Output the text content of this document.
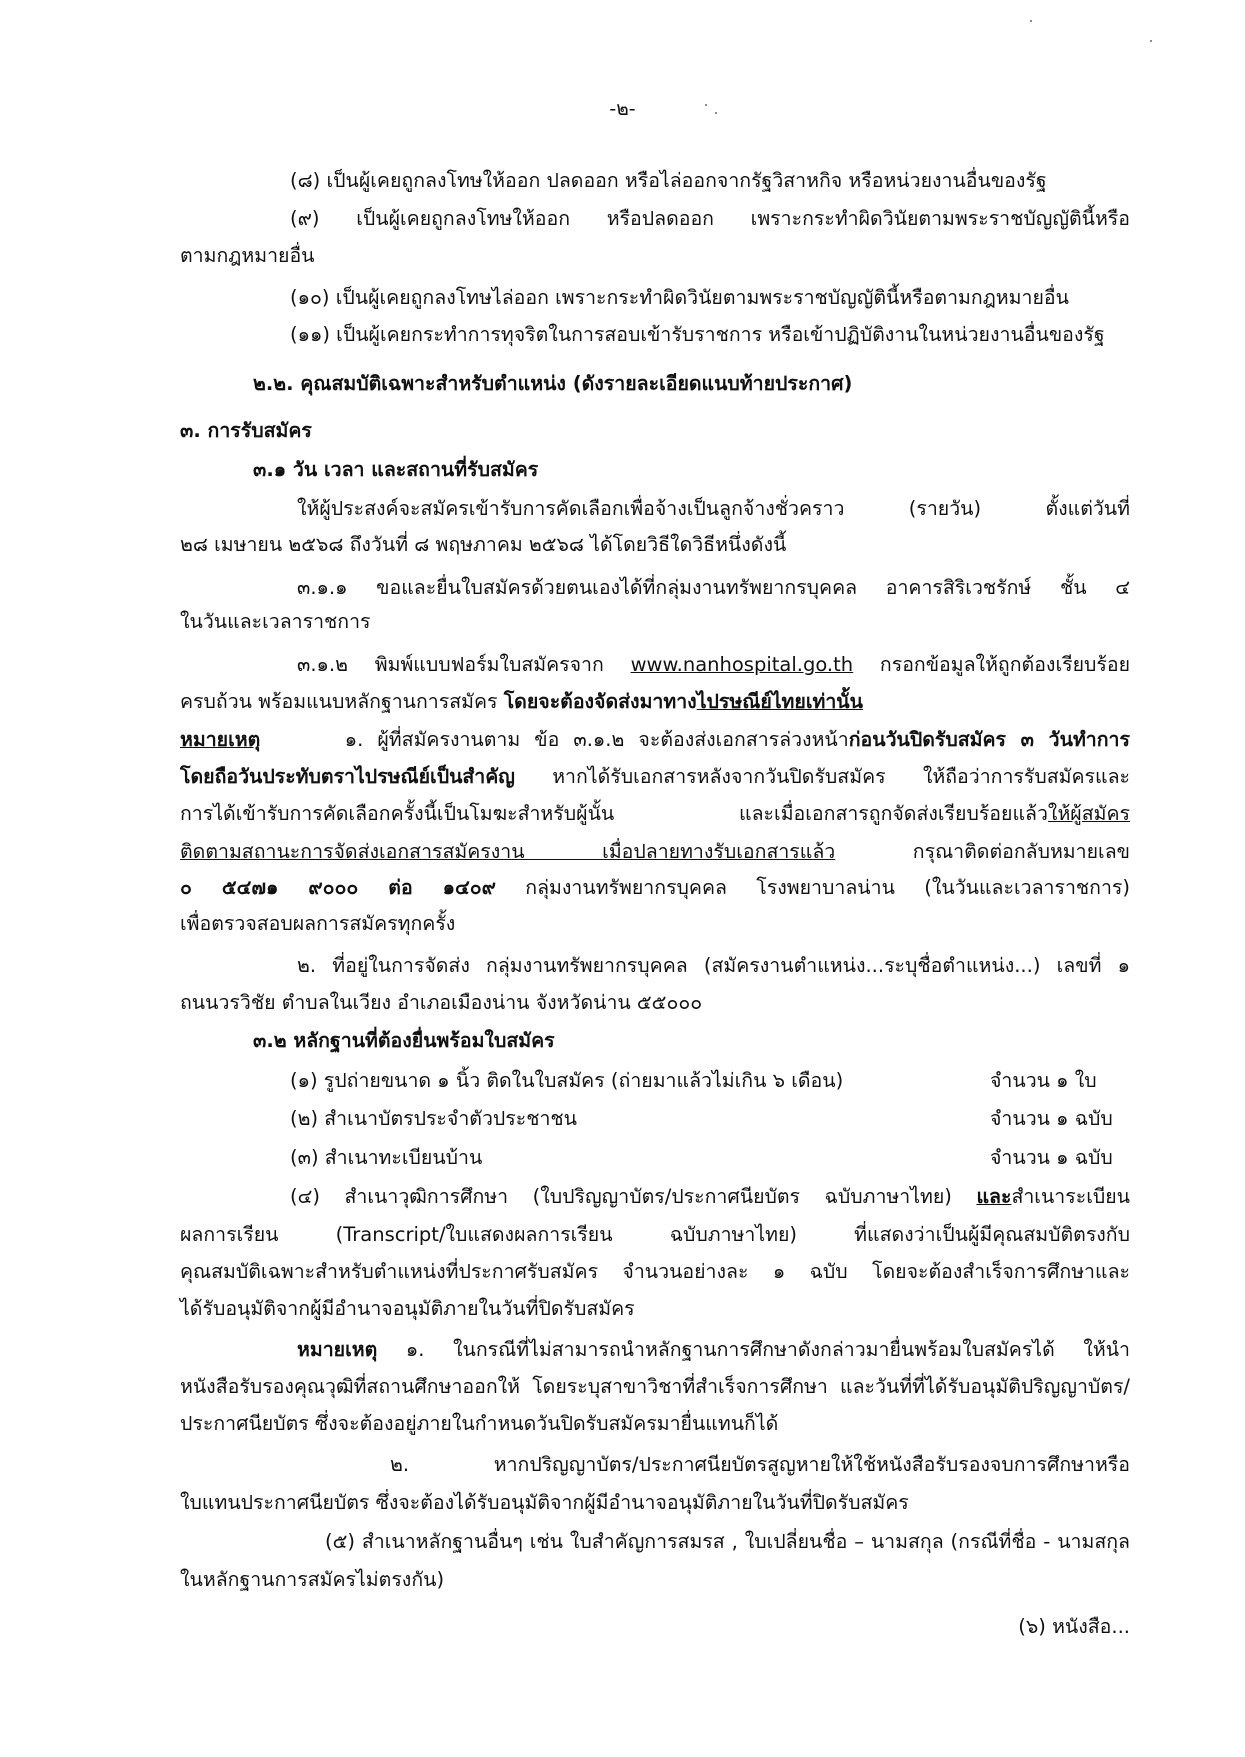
-๒-

(๘) เป็นผู้เคยถูกลงโทษให้ออก ปลดออก หรือไล่ออกจากรัฐวิสาหกิจ หรือหน่วยงานอื่นของรัฐ

(๙) เป็นผู้เคยถูกลงโทษให้ออก หรือปลดออก เพราะกระทำผิดวินัยตามพระราชบัญญัตินี้หรือ

ตามกฎหมายอื่น

(๑๐) เป็นผู้เคยถูกลงโทษไล่ออก เพราะกระทำผิดวินัยตามพระราชบัญญัตินี้หรือตามกฎหมายอื่น

(๑๑) เป็นผู้เคยกระทำการทุจริตในการสอบเข้ารับราชการ หรือเข้าปฏิบัติงานในหน่วยงานอื่นของรัฐ

๒.๒. คุณสมบัติเฉพาะสำหรับตำแหน่ง (ดังรายละเอียดแนบท้ายประกาศ)

๓. การรับสมัคร

๓.๑ วัน เวลา และสถานที่รับสมัคร

ให้ผู้ประสงค์จะสมัครเข้ารับการคัดเลือกเพื่อจ้างเป็นลูกจ้างชั่วคราว (รายวัน) ตั้งแต่วันที่

๒๘ เมษายน ๒๕๖๘ ถึงวันที่ ๘ พฤษภาคม ๒๕๖๘ ได้โดยวิธีใดวิธีหนึ่งดังนี้

๓.๑.๑ ขอและยื่นใบสมัครด้วยตนเองได้ที่กลุ่มงานทรัพยากรบุคคล อาคารสิริเวชรักษ์ ชั้น ๔

ในวันและเวลาราชการ

๓.๑.๒ พิมพ์แบบฟอร์มใบสมัครจาก www.nanhospital.go.th กรอกข้อมูลให้ถูกต้องเรียบร้อย

ครบถ้วน พร้อมแนบหลักฐานการสมัคร โดยจะต้องจัดส่งมาทางไปรษณีย์ไทยเท่านั้น

หมายเหตุ	๑. ผู้ที่สมัครงานตาม ข้อ ๓.๑.๒ จะต้องส่งเอกสารล่วงหน้าก่อนวันปิดรับสมัคร ๓ วันทำการ

โดยถือวันประทับตราไปรษณีย์เป็นสำคัญ หากได้รับเอกสารหลังจากวันปิดรับสมัคร ให้ถือว่าการรับสมัครและ

การได้เข้ารับการคัดเลือกครั้งนี้เป็นโมฆะสำหรับผู้นั้น และเมื่อเอกสารถูกจัดส่งเรียบร้อยแล้วให้ผู้สมัคร

ติดตามสถานะการจัดส่งเอกสารสมัครงาน เมื่อปลายทางรับเอกสารแล้ว กรุณาติดต่อกลับหมายเลข

๐ ๕๔๗๑ ๙๐๐๐ ต่อ ๑๔๐๙ กลุ่มงานทรัพยากรบุคคล โรงพยาบาลน่าน (ในวันและเวลาราชการ)

เพื่อตรวจสอบผลการสมัครทุกครั้ง

๒. ที่อยู่ในการจัดส่ง กลุ่มงานทรัพยากรบุคคล (สมัครงานตำแหน่ง...ระบุชื่อตำแหน่ง...) เลขที่ ๑

ถนนวรวิชัย ตำบลในเวียง อำเภอเมืองน่าน จังหวัดน่าน ๕๕๐๐๐

๓.๒ หลักฐานที่ต้องยื่นพร้อมใบสมัคร

(๑) รูปถ่ายขนาด ๑ นิ้ว ติดในใบสมัคร (ถ่ายมาแล้วไม่เกิน ๖ เดือน)	จำนวน ๑ ใบ
(๒) สำเนาบัตรประจำตัวประชาชน	จำนวน ๑ ฉบับ
(๓) สำเนาทะเบียนบ้าน	จำนวน ๑ ฉบับ

(๔) สำเนาวุฒิการศึกษา (ใบปริญญาบัตร/ประกาศนียบัตร ฉบับภาษาไทย) และสำเนาระเบียน

ผลการเรียน (Transcript/ใบแสดงผลการเรียน ฉบับภาษาไทย) ที่แสดงว่าเป็นผู้มีคุณสมบัติตรงกับ

คุณสมบัติเฉพาะสำหรับตำแหน่งที่ประกาศรับสมัคร จำนวนอย่างละ ๑ ฉบับ โดยจะต้องสำเร็จการศึกษาและ

ได้รับอนุมัติจากผู้มีอำนาจอนุมัติภายในวันที่ปิดรับสมัคร

หมายเหตุ ๑. ในกรณีที่ไม่สามารถนำหลักฐานการศึกษาดังกล่าวมายื่นพร้อมใบสมัครได้ ให้นำ

หนังสือรับรองคุณวุฒิที่สถานศึกษาออกให้ โดยระบุสาขาวิชาที่สำเร็จการศึกษา และวันที่ที่ได้รับอนุมัติปริญญาบัตร/

ประกาศนียบัตร ซึ่งจะต้องอยู่ภายในกำหนดวันปิดรับสมัครมายื่นแทนก็ได้

๒. หากปริญญาบัตร/ประกาศนียบัตรสูญหายให้ใช้หนังสือรับรองจบการศึกษาหรือ

ใบแทนประกาศนียบัตร ซึ่งจะต้องได้รับอนุมัติจากผู้มีอำนาจอนุมัติภายในวันที่ปิดรับสมัคร

(๕) สำเนาหลักฐานอื่นๆ เช่น ใบสำคัญการสมรส , ใบเปลี่ยนชื่อ – นามสกุล (กรณีที่ชื่อ - นามสกุล

ในหลักฐานการสมัครไม่ตรงกัน)

(๖) หนังสือ...
